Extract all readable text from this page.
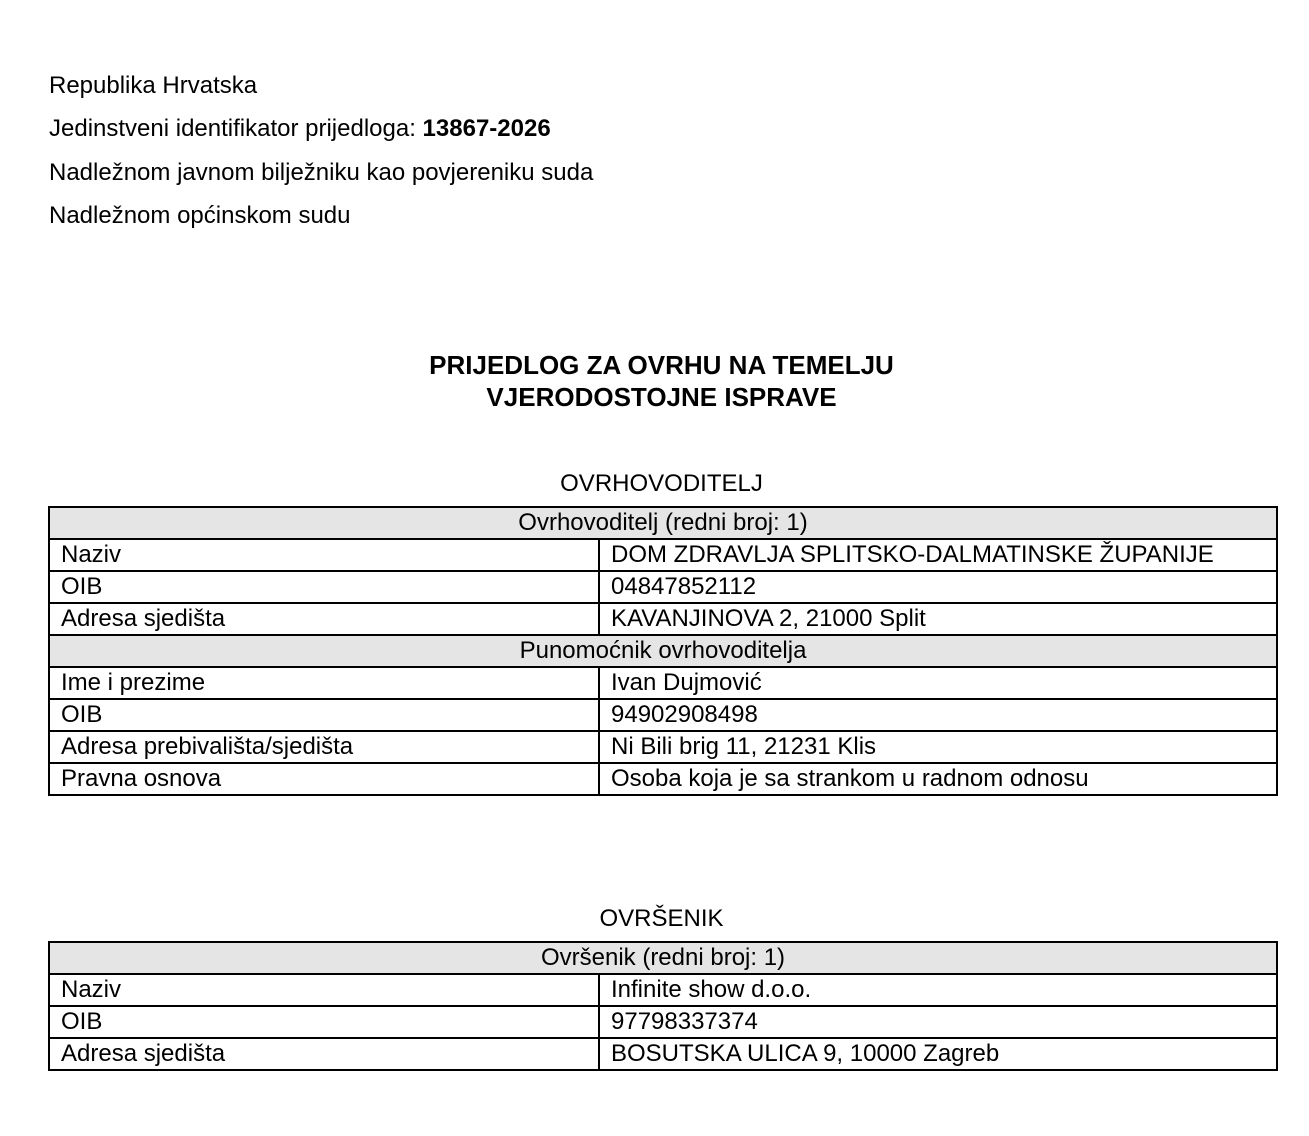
Republika Hrvatska
Jedinstveni identifikator prijedloga: 13867-2026
Nadležnom javnom bilježniku kao povjereniku suda
Nadležnom općinskom sudu
PRIJEDLOG ZA OVRHU NA TEMELJU
VJERODOSTOJNE ISPRAVE
OVRHOVODITELJ
Ovrhovoditelj (redni broj: 1)	
Naziv	DOM ZDRAVLJA SPLITSKO-DALMATINSKE ŽUPANIJE
OIB	04847852112
Adresa sjedišta	KAVANJINOVA 2, 21000 Split
Punomoćnik ovrhovoditelja	
Ime i prezime	Ivan Dujmović
OIB	94902908498
Adresa prebivališta/sjedišta	Ni Bili brig 11, 21231 Klis
Pravna osnova	Osoba koja je sa strankom u radnom odnosu
OVRŠENIK
Ovršenik (redni broj: 1)	
Naziv	Infinite show d.o.o.
OIB	97798337374
Adresa sjedišta	BOSUTSKA ULICA 9, 10000 Zagreb
